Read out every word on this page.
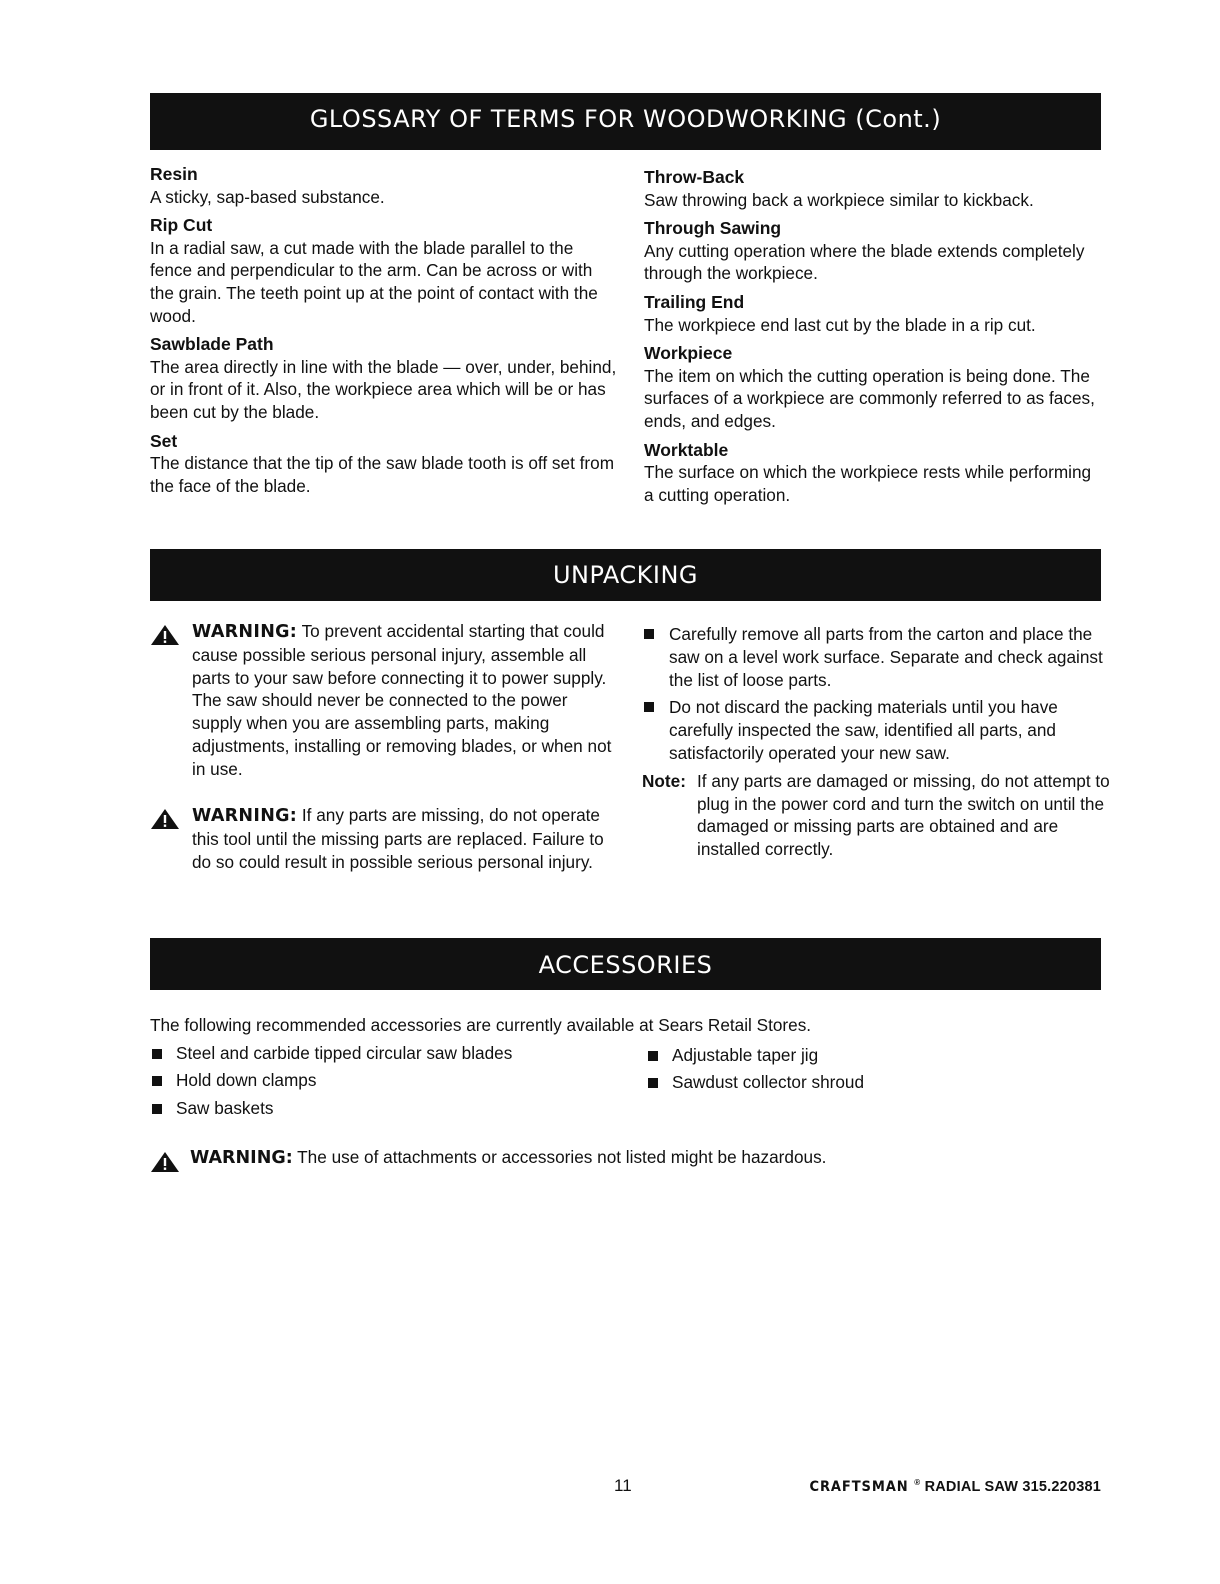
GLOSSARY OF TERMS FOR WOODWORKING (Cont.)
Resin
A sticky, sap-based substance.
Rip Cut
In a radial saw, a cut made with the blade parallel to the fence and perpendicular to the arm. Can be across or with the grain. The teeth point up at the point of contact with the wood.
Sawblade Path
The area directly in line with the blade — over, under, behind, or in front of it. Also, the workpiece area which will be or has been cut by the blade.
Set
The distance that the tip of the saw blade tooth is off set from the face of the blade.
Throw-Back
Saw throwing back a workpiece similar to kickback.
Through Sawing
Any cutting operation where the blade extends completely through the workpiece.
Trailing End
The workpiece end last cut by the blade in a rip cut.
Workpiece
The item on which the cutting operation is being done. The surfaces of a workpiece are commonly referred to as faces, ends, and edges.
Worktable
The surface on which the workpiece rests while performing a cutting operation.
UNPACKING
WARNING: To prevent accidental starting that could cause possible serious personal injury, assemble all parts to your saw before connecting it to power supply. The saw should never be connected to the power supply when you are assembling parts, making adjustments, installing or removing blades, or when not in use.
WARNING: If any parts are missing, do not operate this tool until the missing parts are replaced. Failure to do so could result in possible serious personal injury.
Carefully remove all parts from the carton and place the saw on a level work surface. Separate and check against the list of loose parts.
Do not discard the packing materials until you have carefully inspected the saw, identified all parts, and satisfactorily operated your new saw.
Note: If any parts are damaged or missing, do not attempt to plug in the power cord and turn the switch on until the damaged or missing parts are obtained and are installed correctly.
ACCESSORIES
The following recommended accessories are currently available at Sears Retail Stores.
Steel and carbide tipped circular saw blades
Hold down clamps
Saw baskets
Adjustable taper jig
Sawdust collector shroud
WARNING: The use of attachments or accessories not listed might be hazardous.
11	CRAFTSMAN ® RADIAL SAW 315.220381
